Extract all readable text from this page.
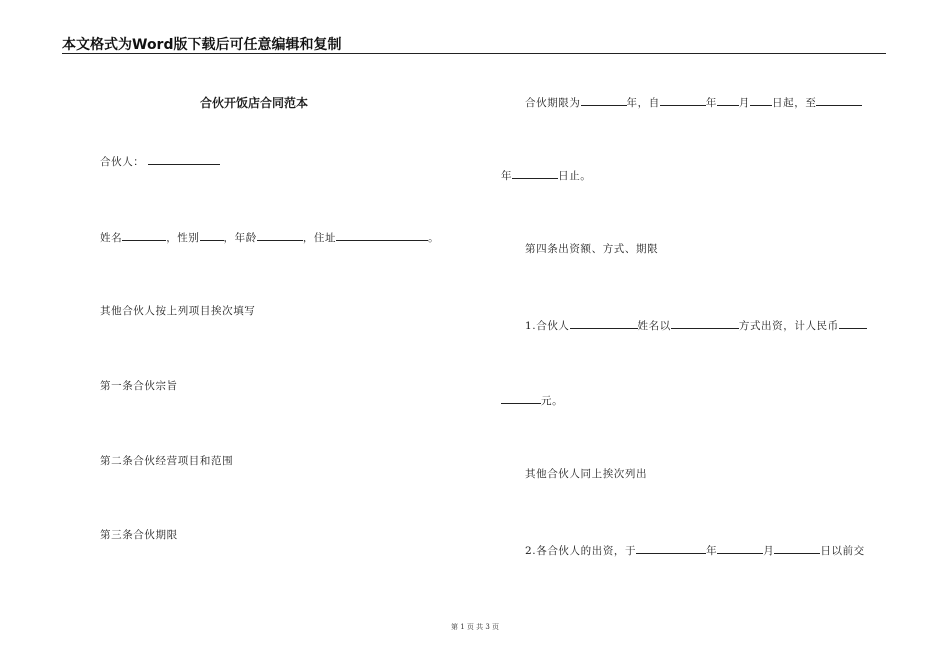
本文格式为Word版下载后可任意编辑和复制
合伙开饭店合同范本
合伙人：
姓名	，性别 ，年龄	，住址	。
其他合伙人按上列项目挨次填写
第一条合伙宗旨
第二条合伙经营项目和范围
第三条合伙期限
合伙期限为	年，自	年 月 日起，至
年	日止。
第四条出资额、方式、期限
1.合伙人	姓名以	方式出资，计人民币
元。
其他合伙人同上挨次列出
2.各合伙人的出资，于	年	月	日以前交
第 1 页 共 3 页
